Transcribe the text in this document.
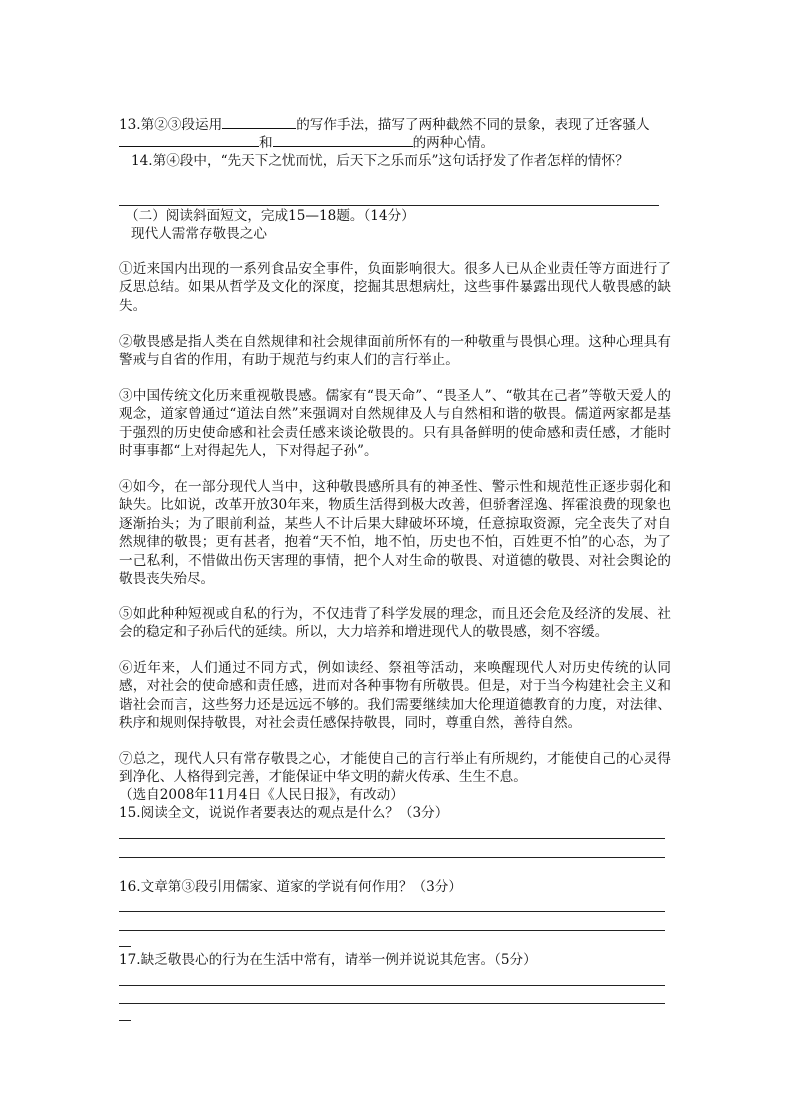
13.第②③段运用	的写作手法，描写了两种截然不同的景象，表现了迁客骚人
和	的两种心情。
14.第④段中，“先天下之忧而忧，后天下之乐而乐”这句话抒发了作者怎样的情怀？
（二）阅读斜面短文，完成15—18题。（14分）
现代人需常存敬畏之心
①近来国内出现的一系列食品安全事件，负面影响很大。很多人已从企业责任等方面进行了反思总结。如果从哲学及文化的深度，挖掘其思想病灶，这些事件暴露出现代人敬畏感的缺失。
②敬畏感是指人类在自然规律和社会规律面前所怀有的一种敬重与畏惧心理。这种心理具有警戒与自省的作用，有助于规范与约束人们的言行举止。
③中国传统文化历来重视敬畏感。儒家有“畏天命”、“畏圣人”、“敬其在己者”等敬天爱人的观念，道家曾通过“道法自然”来强调对自然规律及人与自然相和谐的敬畏。儒道两家都是基于强烈的历史使命感和社会责任感来谈论敬畏的。只有具备鲜明的使命感和责任感，才能时时事事都“上对得起先人，下对得起子孙”。
④如今，在一部分现代人当中，这种敬畏感所具有的神圣性、警示性和规范性正逐步弱化和缺失。比如说，改革开放30年来，物质生活得到极大改善，但骄奢淫逸、挥霍浪费的现象也逐渐抬头；为了眼前利益，某些人不计后果大肆破坏环境，任意掠取资源，完全丧失了对自然规律的敬畏；更有甚者，抱着“天不怕，地不怕，历史也不怕，百姓更不怕”的心态，为了一己私利，不惜做出伤天害理的事情，把个人对生命的敬畏、对道德的敬畏、对社会舆论的敬畏丧失殆尽。
⑤如此种种短视或自私的行为，不仅违背了科学发展的理念，而且还会危及经济的发展、社会的稳定和子孙后代的延续。所以，大力培养和增进现代人的敬畏感，刻不容缓。
⑥近年来，人们通过不同方式，例如读经、祭祖等活动，来唤醒现代人对历史传统的认同感，对社会的使命感和责任感，进而对各种事物有所敬畏。但是，对于当今构建社会主义和谐社会而言，这些努力还是远远不够的。我们需要继续加大伦理道德教育的力度，对法律、秩序和规则保持敬畏，对社会责任感保持敬畏，同时，尊重自然，善待自然。
⑦总之，现代人只有常存敬畏之心，才能使自己的言行举止有所规约，才能使自己的心灵得到净化、人格得到完善，才能保证中华文明的薪火传承、生生不息。
（选自2008年11月4日《人民日报》，有改动）
15.阅读全文，说说作者要表达的观点是什么？（3分）
16.文章第③段引用儒家、道家的学说有何作用？（3分）
17.缺乏敬畏心的行为在生活中常有，请举一例并说说其危害。（5分）
